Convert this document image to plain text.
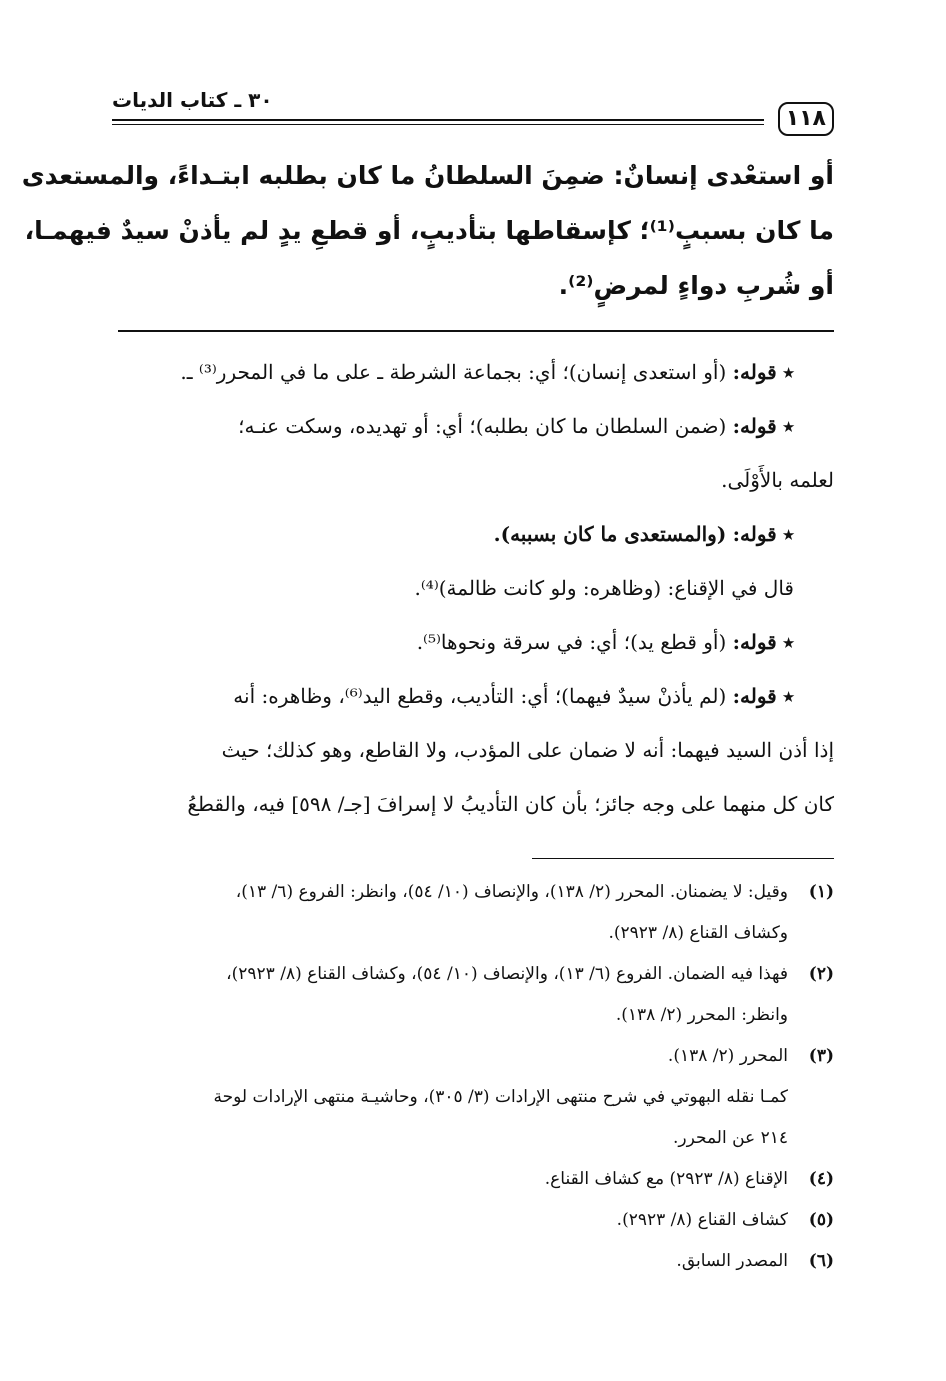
١١٨
٣٠ ـ كتاب الديات
أو استعْدى إنسانٌ: ضمِنَ السلطانُ ما كان بطلبه ابتـداءً، والمستعدى
ما كان بسببٍ⁽¹⁾؛ كإسقاطها بتأديبٍ، أو قطعِ يدٍ لم يأذنْ سيدٌ فيهمـا،
أو شُربِ دواءٍ لمرضٍ⁽²⁾.
٭ قوله: (أو استعدى إنسان)؛ أي: بجماعة الشرطة ـ على ما في المحرر⁽³⁾ ـ.
٭ قوله: (ضمن السلطان ما كان بطلبه)؛ أي: أو تهديده، وسكت عنـه؛
لعلمه بالأَوْلَى.
٭ قوله: (والمستعدى ما كان بسببه).
قال في الإقناع: (وظاهره: ولو كانت ظالمة)⁽⁴⁾.
٭ قوله: (أو قطع يد)؛ أي: في سرقة ونحوها⁽⁵⁾.
٭ قوله: (لم يأذنْ سيدٌ فيهما)؛ أي: التأديب، وقطع اليد⁽⁶⁾، وظاهره: أنه
إذا أذن السيد فيهما: أنه لا ضمان على المؤدب، ولا القاطع، وهو كذلك؛ حيث
كان كل منهما على وجه جائز؛ بأن كان التأديبُ لا إسرافَ [جـ/ ٥٩٨] فيه، والقطعُ
(١)
وقيل: لا يضمنان. المحرر (٢/ ١٣٨)، والإنصاف (١٠/ ٥٤)، وانظر: الفروع (٦/ ١٣)،
وكشاف القناع (٨/ ٢٩٢٣).
(٢)
فهذا فيه الضمان. الفروع (٦/ ١٣)، والإنصاف (١٠/ ٥٤)، وكشاف القناع (٨/ ٢٩٢٣)،
وانظر: المحرر (٢/ ١٣٨).
(٣)
المحرر (٢/ ١٣٨).
كمـا نقله البهوتي في شرح منتهى الإرادات (٣/ ٣٠٥)، وحاشيـة منتهى الإرادات لوحة
٢١٤ عن المحرر.
(٤)
الإقناع (٨/ ٢٩٢٣) مع كشاف القناع.
(٥)
كشاف القناع (٨/ ٢٩٢٣).
(٦)
المصدر السابق.
